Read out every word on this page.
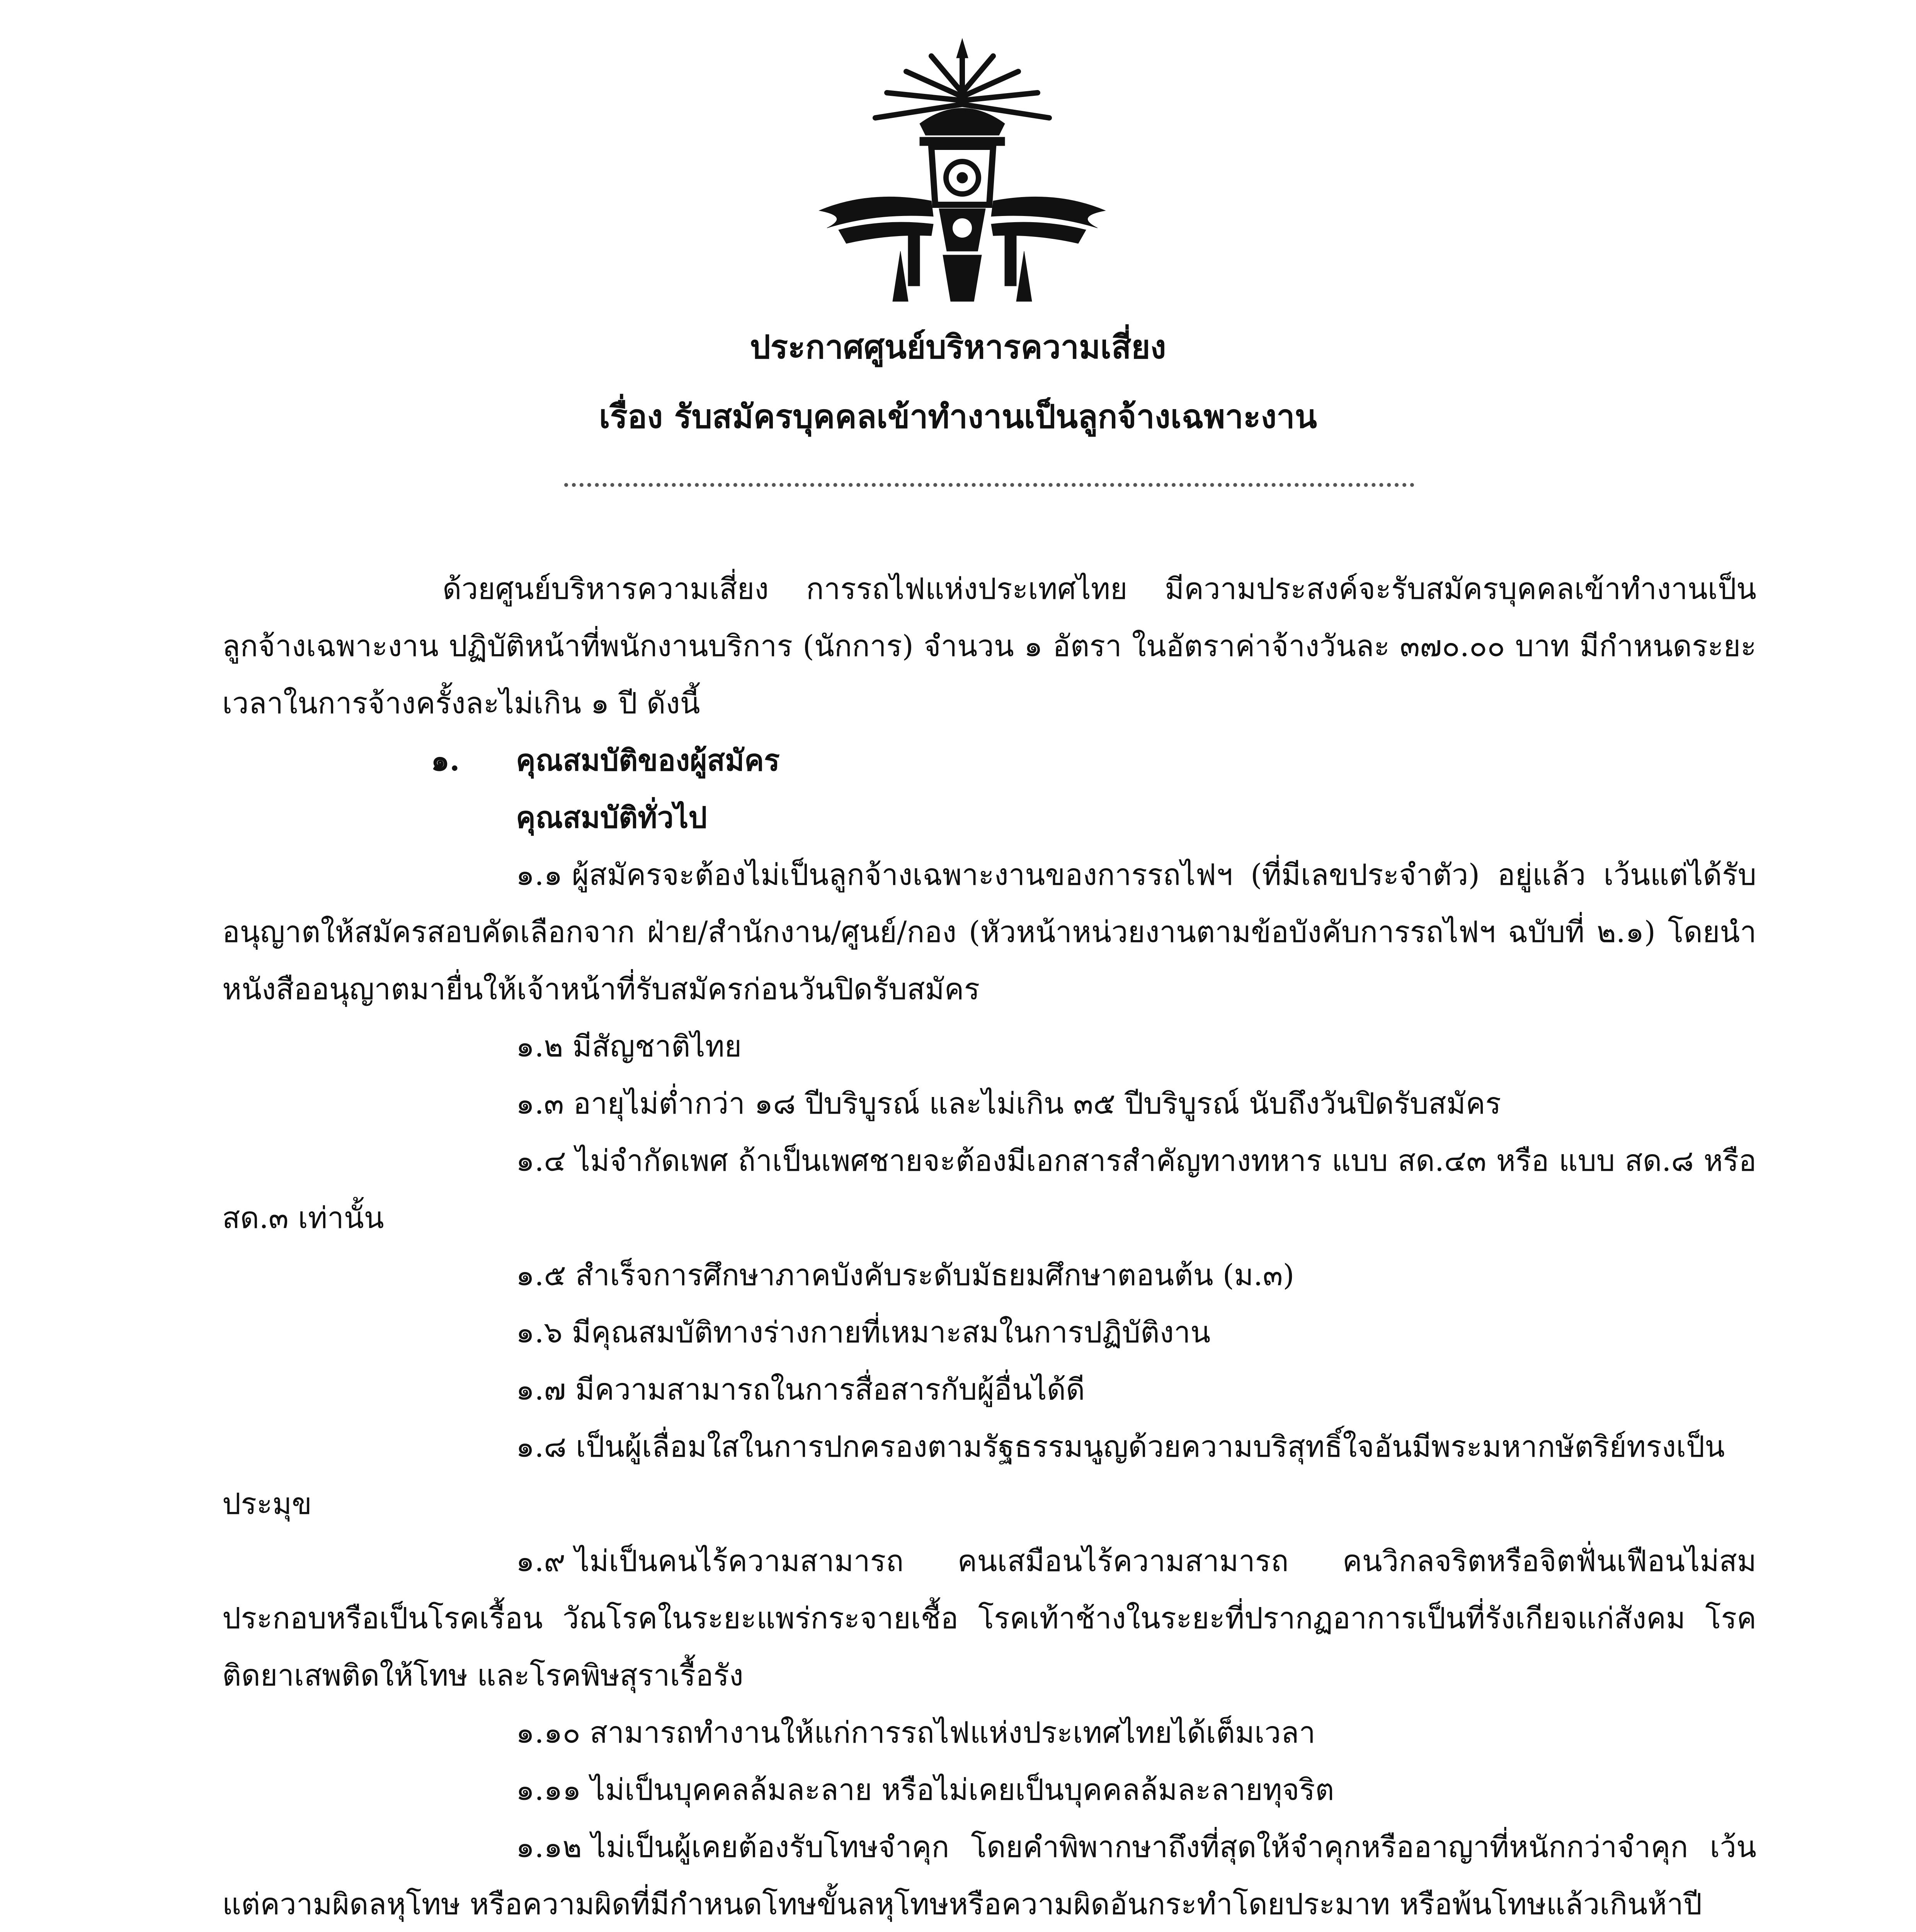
ประกาศศูนย์บริหารความเสี่ยง
เรื่อง รับสมัครบุคคลเข้าทำงานเป็นลูกจ้างเฉพาะงาน

ด้วยศูนย์บริหารความเสี่ยง การรถไฟแห่งประเทศไทย มีความประสงค์จะรับสมัครบุคคลเข้าทำงานเป็นลูกจ้างเฉพาะงาน ปฏิบัติหน้าที่พนักงานบริการ (นักการ) จำนวน ๑ อัตรา ในอัตราค่าจ้างวันละ ๓๗๐.๐๐ บาท มีกำหนดระยะเวลาในการจ้างครั้งละไม่เกิน ๑ ปี ดังนี้

๑. คุณสมบัติของผู้สมัคร

คุณสมบัติทั่วไป

๑.๑ ผู้สมัครจะต้องไม่เป็นลูกจ้างเฉพาะงานของการรถไฟฯ (ที่มีเลขประจำตัว) อยู่แล้ว เว้นแต่ได้รับอนุญาตให้สมัครสอบคัดเลือกจาก ฝ่าย/สำนักงาน/ศูนย์/กอง (หัวหน้าหน่วยงานตามข้อบังคับการรถไฟฯ ฉบับที่ ๒.๑) โดยนำหนังสืออนุญาตมายื่นให้เจ้าหน้าที่รับสมัครก่อนวันปิดรับสมัคร

๑.๒ มีสัญชาติไทย

๑.๓ อายุไม่ต่ำกว่า ๑๘ ปีบริบูรณ์ และไม่เกิน ๓๕ ปีบริบูรณ์ นับถึงวันปิดรับสมัคร

๑.๔ ไม่จำกัดเพศ ถ้าเป็นเพศชายจะต้องมีเอกสารสำคัญทางทหาร แบบ สด.๔๓ หรือ แบบ สด.๘ หรือ สด.๓ เท่านั้น

๑.๕ สำเร็จการศึกษาภาคบังคับระดับมัธยมศึกษาตอนต้น (ม.๓)

๑.๖ มีคุณสมบัติทางร่างกายที่เหมาะสมในการปฏิบัติงาน

๑.๗ มีความสามารถในการสื่อสารกับผู้อื่นได้ดี

๑.๘ เป็นผู้เลื่อมใสในการปกครองตามรัฐธรรมนูญด้วยความบริสุทธิ์ใจอันมีพระมหากษัตริย์ทรงเป็นประมุข

๑.๙ ไม่เป็นคนไร้ความสามารถ คนเสมือนไร้ความสามารถ คนวิกลจริตหรือจิตฟั่นเฟือนไม่สมประกอบหรือเป็นโรคเรื้อน วัณโรคในระยะแพร่กระจายเชื้อ โรคเท้าช้างในระยะที่ปรากฏอาการเป็นที่รังเกียจแก่สังคม โรคติดยาเสพติดให้โทษ และโรคพิษสุราเรื้อรัง

๑.๑๐ สามารถทำงานให้แก่การรถไฟแห่งประเทศไทยได้เต็มเวลา

๑.๑๑ ไม่เป็นบุคคลล้มละลาย หรือไม่เคยเป็นบุคคลล้มละลายทุจริต

๑.๑๒ ไม่เป็นผู้เคยต้องรับโทษจำคุก โดยคำพิพากษาถึงที่สุดให้จำคุกหรืออาญาที่หนักกว่าจำคุก เว้นแต่ความผิดลหุโทษ หรือความผิดที่มีกำหนดโทษขั้นลหุโทษหรือความผิดอันกระทำโดยประมาท หรือพ้นโทษแล้วเกินห้าปี
